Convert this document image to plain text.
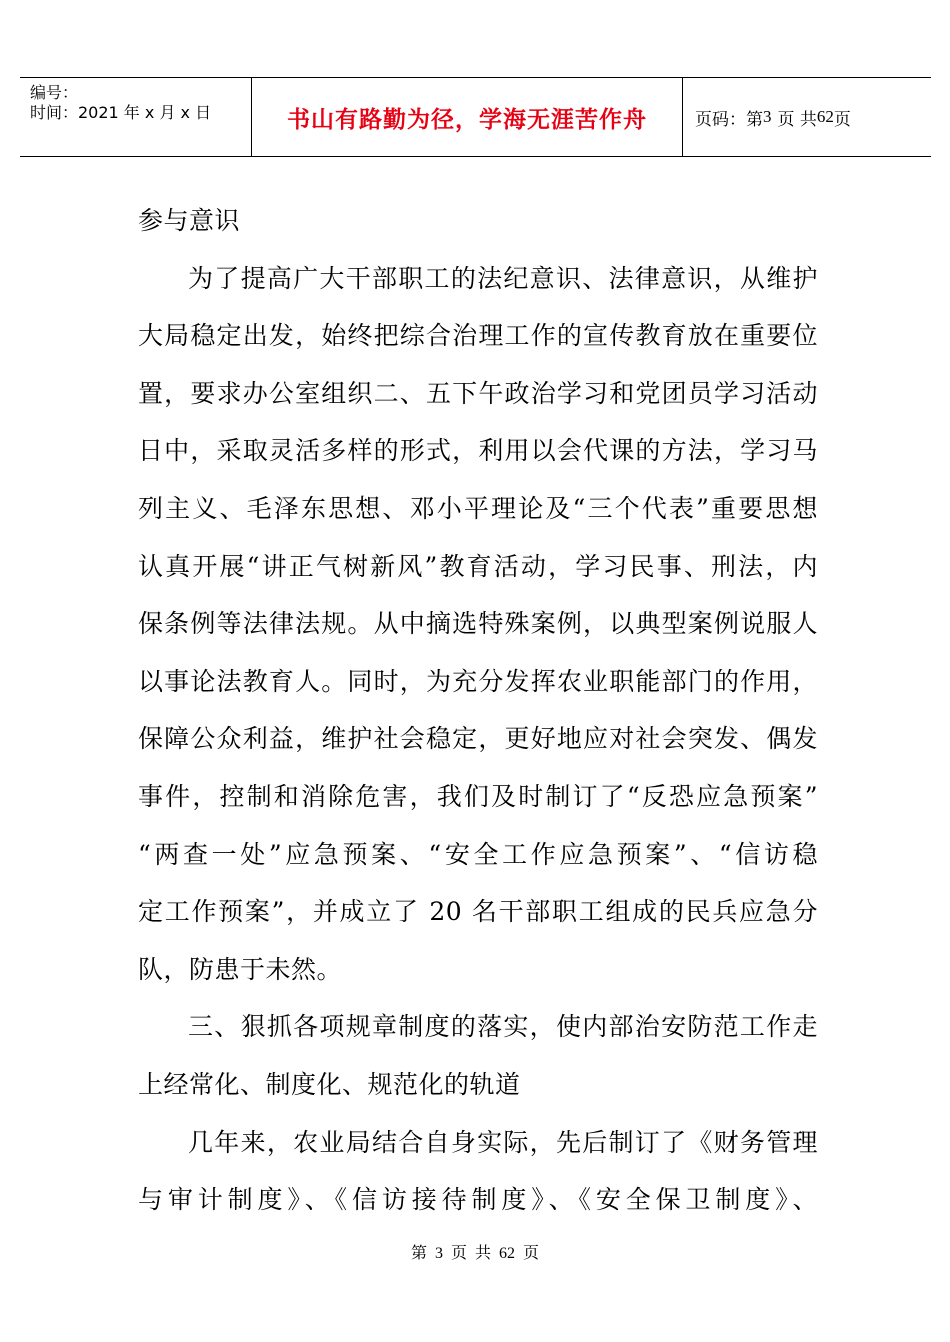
编号：
时间：2021 年 x 月 x 日	书山有路勤为径，学海无涯苦作舟	页码：第 3 页 共 62 页
参与意识
为了提高广大干部职工的法纪意识、法律意识，从维护
大局稳定出发，始终把综合治理工作的宣传教育放在重要位
置，要求办公室组织二、五下午政治学习和党团员学习活动
日中，采取灵活多样的形式，利用以会代课的方法，学习马
列主义、毛泽东思想、邓小平理论及“三个代表”重要思想
认真开展“讲正气树新风”教育活动，学习民事、刑法，内
保条例等法律法规。从中摘选特殊案例，以典型案例说服人
以事论法教育人。同时，为充分发挥农业职能部门的作用，
保障公众利益，维护社会稳定，更好地应对社会突发、偶发
事件，控制和消除危害，我们及时制订了“反恐应急预案”
“两查一处”应急预案、“安全工作应急预案”、“信访稳
定工作预案”，并成立了 20 名干部职工组成的民兵应急分
队，防患于未然。
三、狠抓各项规章制度的落实，使内部治安防范工作走
上经常化、制度化、规范化的轨道
几年来，农业局结合自身实际，先后制订了《财务管理
与审计制度》、《信访接待制度》、《安全保卫制度》、
第 3 页 共 62 页
